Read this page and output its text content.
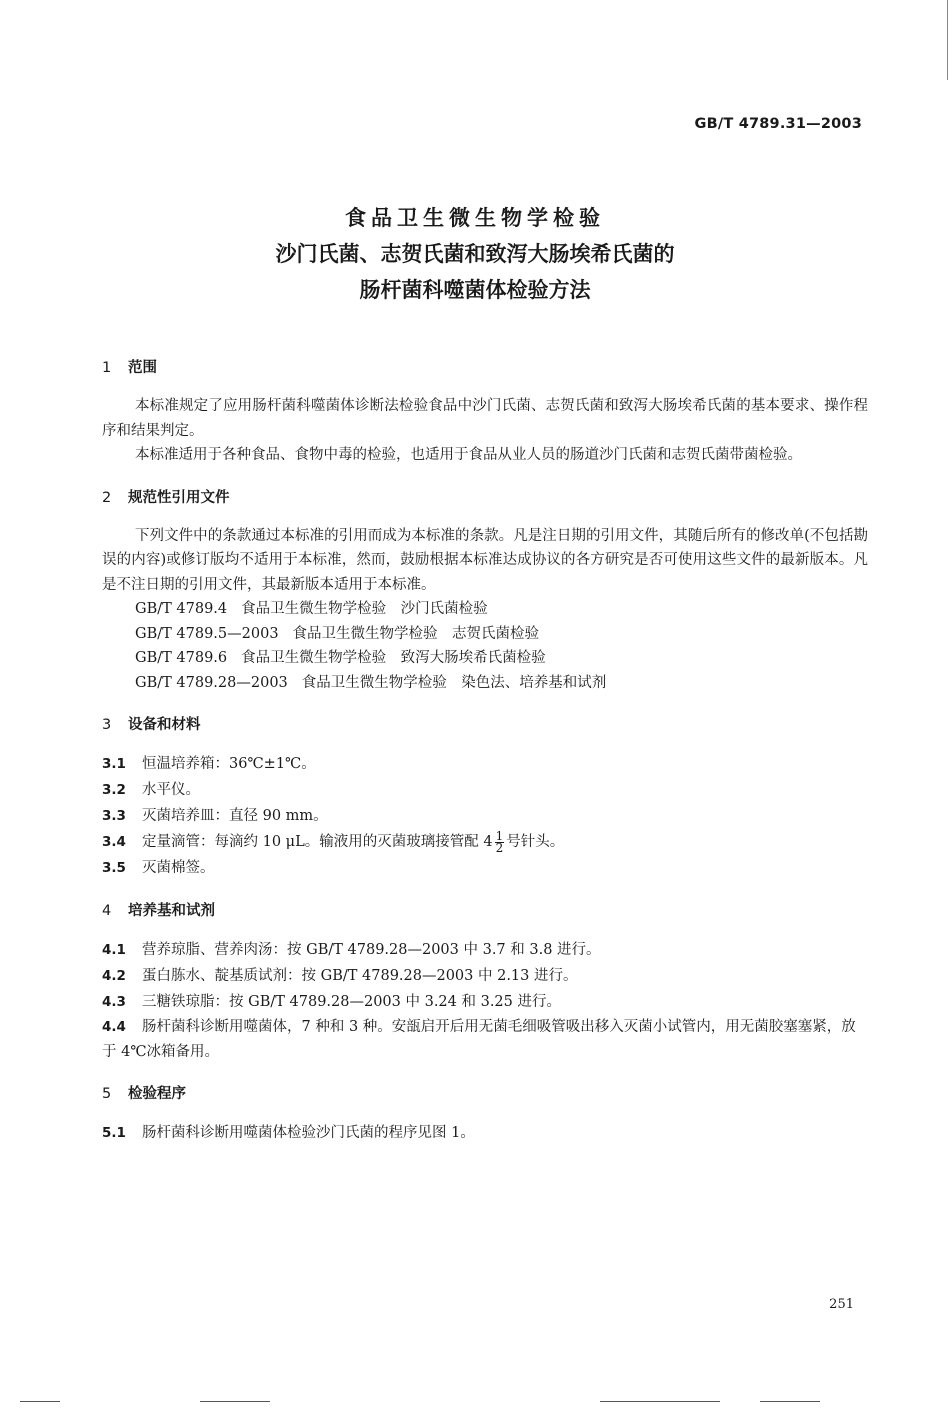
GB/T 4789.31—2003
食品卫生微生物学检验
沙门氏菌、志贺氏菌和致泻大肠埃希氏菌的
肠杆菌科噬菌体检验方法
1 范围

本标准规定了应用肠杆菌科噬菌体诊断法检验食品中沙门氏菌、志贺氏菌和致泻大肠埃希氏菌的基本要求、操作程序和结果判定。

本标准适用于各种食品、食物中毒的检验，也适用于食品从业人员的肠道沙门氏菌和志贺氏菌带菌检验。

2 规范性引用文件

下列文件中的条款通过本标准的引用而成为本标准的条款。凡是注日期的引用文件，其随后所有的修改单(不包括勘误的内容)或修订版均不适用于本标准，然而，鼓励根据本标准达成协议的各方研究是否可使用这些文件的最新版本。凡是不注日期的引用文件，其最新版本适用于本标准。

GB/T 4789.4 食品卫生微生物学检验　沙门氏菌检验
GB/T 4789.5—2003 食品卫生微生物学检验　志贺氏菌检验
GB/T 4789.6 食品卫生微生物学检验　致泻大肠埃希氏菌检验
GB/T 4789.28—2003 食品卫生微生物学检验　染色法、培养基和试剂
3 设备和材料
3.1 恒温培养箱：36℃±1℃。
3.2 水平仪。
3.3 灭菌培养皿：直径 90 mm。
3.4 定量滴管：每滴约 10 μL。输液用的灭菌玻璃接管配 $4 \frac{1}{2}$ 号针头。
3.5 灭菌棉签。
4 培养基和试剂
4.1 营养琼脂、营养肉汤：按 GB/T 4789.28—2003 中 3.7 和 3.8 进行。
4.2 蛋白胨水、靛基质试剂：按 GB/T 4789.28—2003 中 2.13 进行。
4.3 三糖铁琼脂：按 GB/T 4789.28—2003 中 3.24 和 3.25 进行。
4.4 肠杆菌科诊断用噬菌体，7 种和 3 种。安瓿启开后用无菌毛细吸管吸出移入灭菌小试管内，用无菌胶塞塞紧，放于 4℃冰箱备用。
5 检验程序
5.1 肠杆菌科诊断用噬菌体检验沙门氏菌的程序见图 1。
251
